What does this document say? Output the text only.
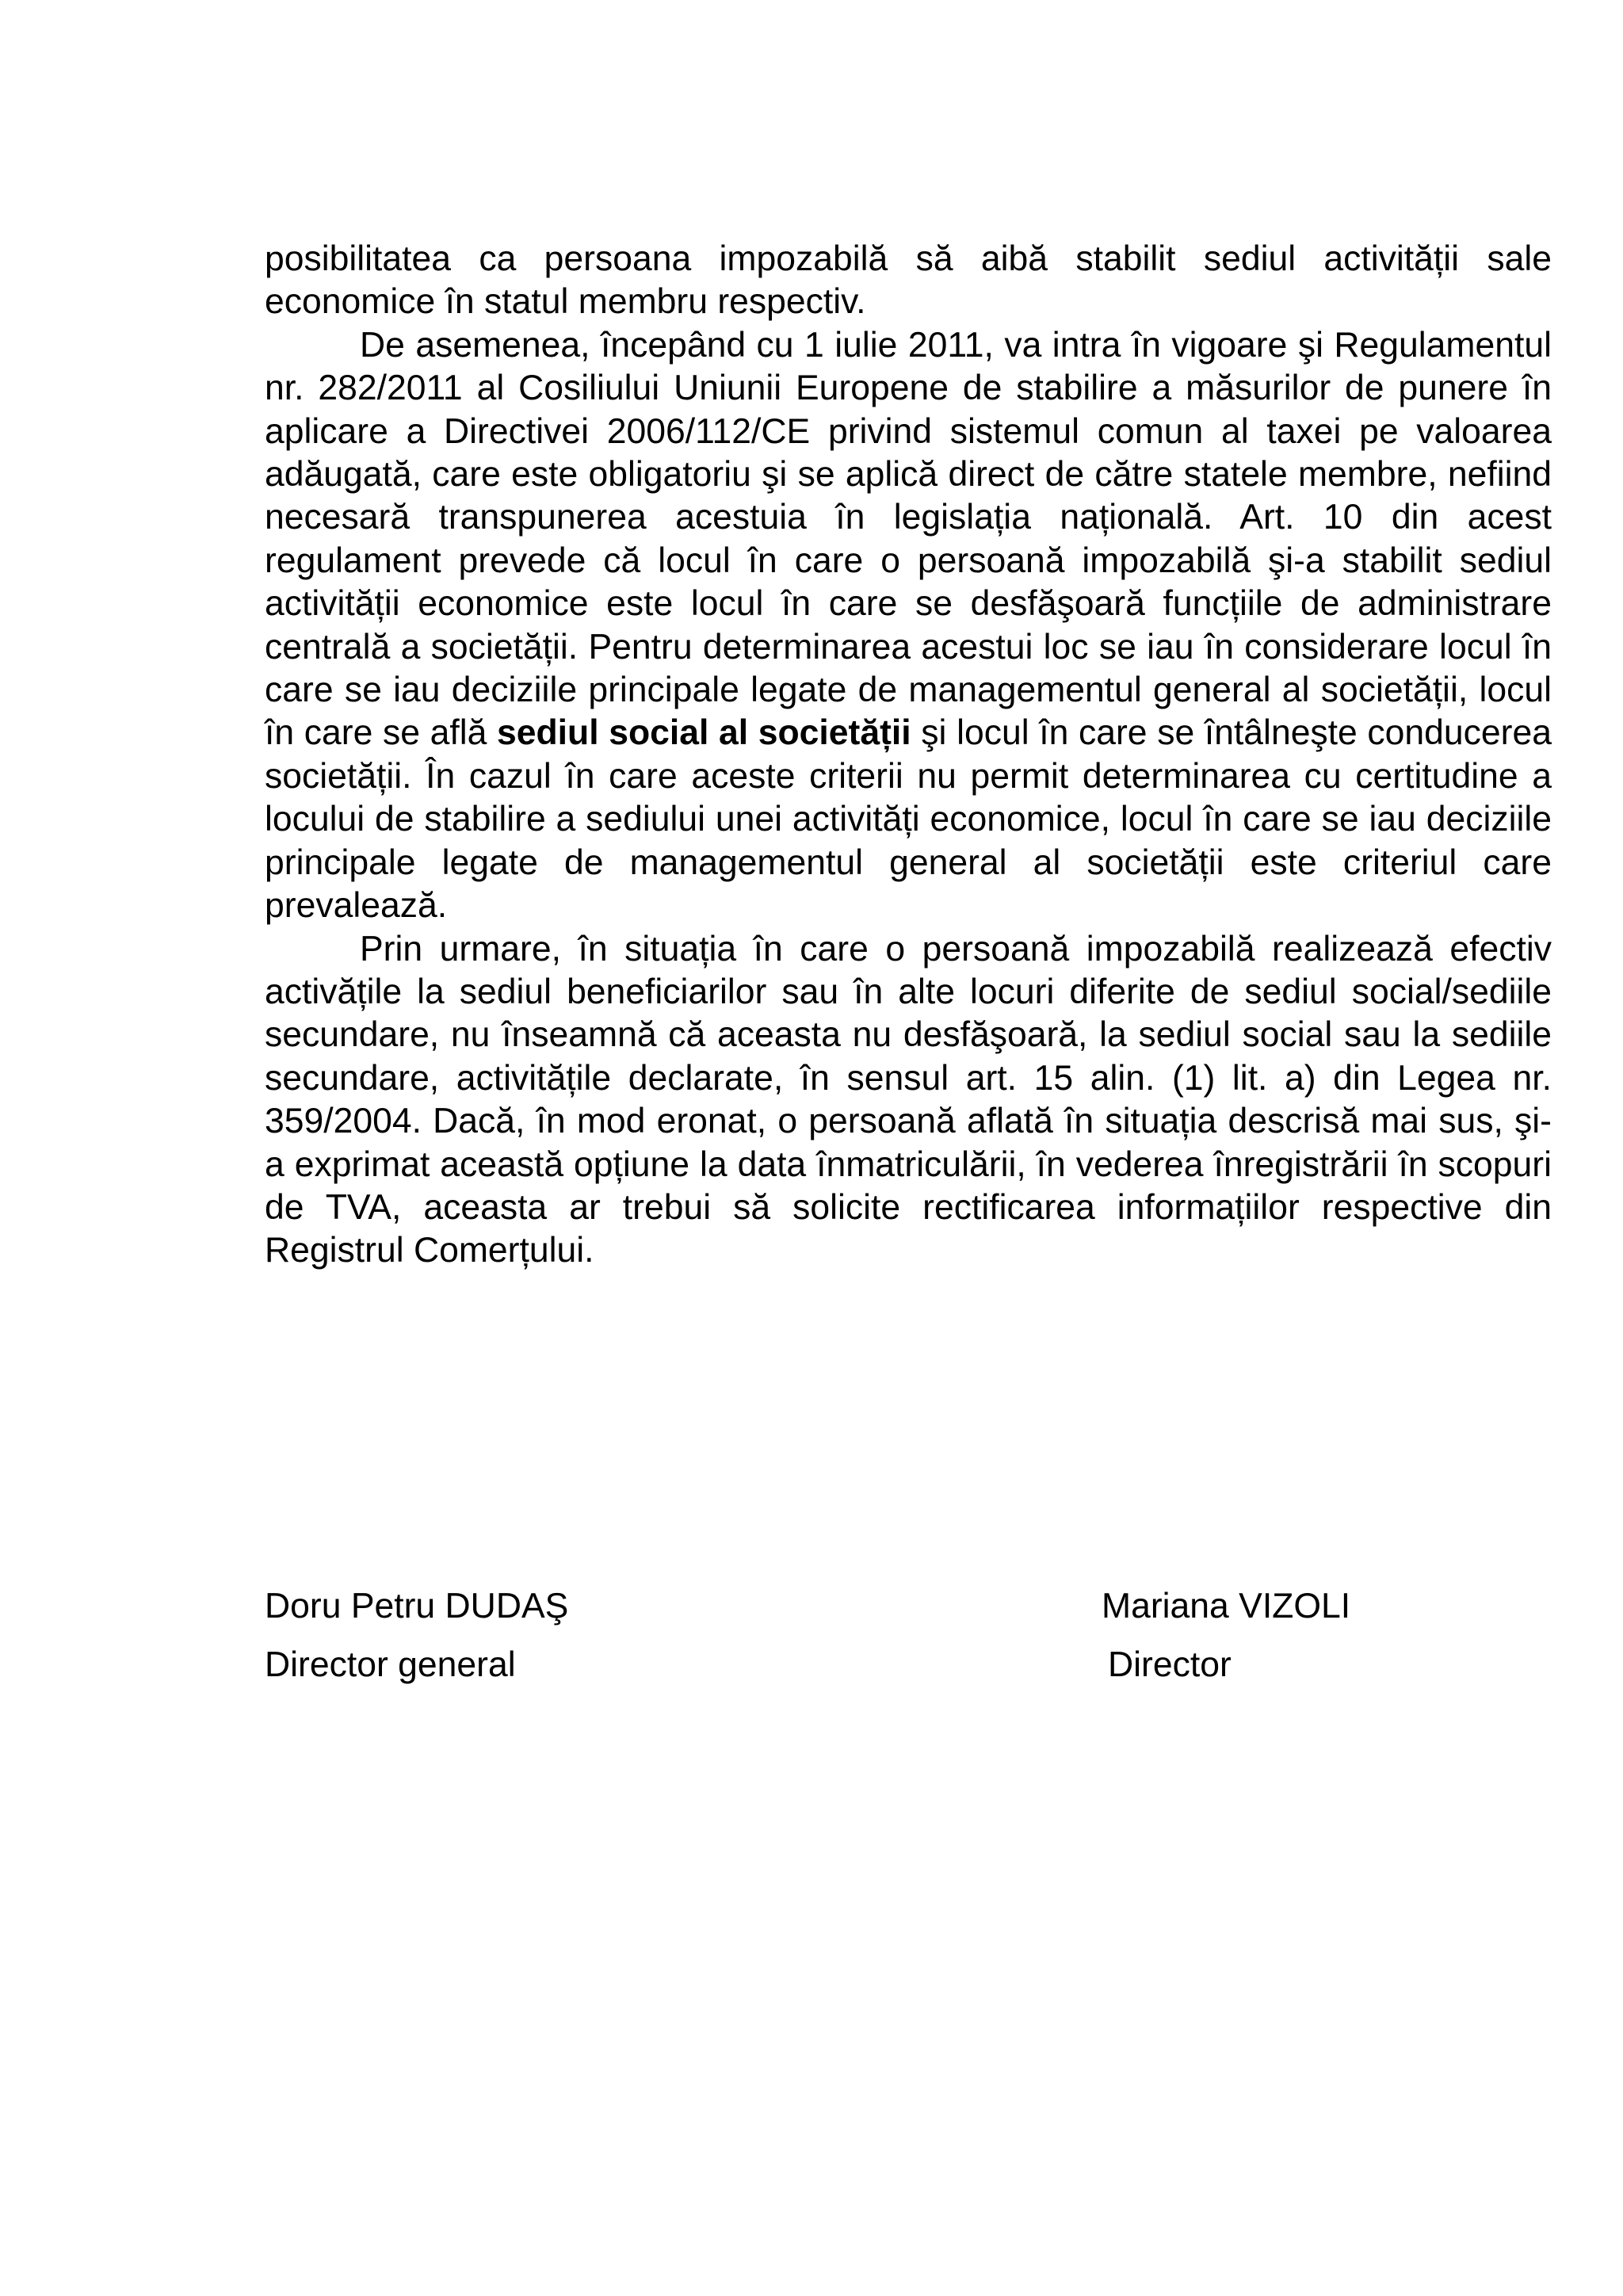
posibilitatea ca persoana impozabilă să aibă stabilit sediul activității sale economice în statul membru respectiv.

De asemenea, începând cu 1 iulie 2011, va intra în vigoare şi Regulamentul nr. 282/2011 al Cosiliului Uniunii Europene de stabilire a măsurilor de punere în aplicare a Directivei 2006/112/CE privind sistemul comun al taxei pe valoarea adăugată, care este obligatoriu şi se aplică direct de către statele membre, nefiind necesară transpunerea acestuia în legislația națională. Art. 10 din acest regulament prevede că locul în care o persoană impozabilă şi-a stabilit sediul activității economice este locul în care se desfăşoară funcțiile de administrare centrală a societății. Pentru determinarea acestui loc se iau în considerare locul în care se iau deciziile principale legate de managementul general al societății, locul în care se află sediul social al societății şi locul în care se întâlneşte conducerea societății. În cazul în care aceste criterii nu permit determinarea cu certitudine a locului de stabilire a sediului unei activități economice, locul în care se iau deciziile principale legate de managementul general al societății este criteriul care prevalează.

Prin urmare, în situația în care o persoană impozabilă realizează efectiv activățile la sediul beneficiarilor sau în alte locuri diferite de sediul social/sediile secundare, nu înseamnă că aceasta nu desfăşoară, la sediul social sau la sediile secundare, activitățile declarate, în sensul art. 15 alin. (1) lit. a) din Legea nr. 359/2004. Dacă, în mod eronat, o persoană aflată în situația descrisă mai sus, şi-a exprimat această opțiune la data înmatriculării, în vederea înregistrării în scopuri de TVA, aceasta ar trebui să solicite rectificarea informațiilor respective din Registrul Comerțului.

Doru Petru DUDAŞ
Director general
Mariana VIZOLI
Director
